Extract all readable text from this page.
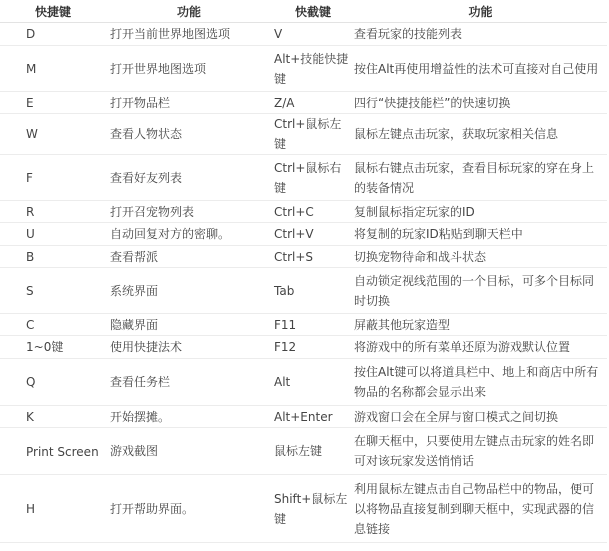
快捷键	功能	快截键	功能
D	打开当前世界地图选项	V	查看玩家的技能列表
M	打开世界地图选项	Alt+技能快捷键	按住Alt再使用增益性的法术可直接对自己使用
E	打开物品栏	Z/A	四行“快捷技能栏”的快速切换
W	查看人物状态	Ctrl+鼠标左键	鼠标左键点击玩家，获取玩家相关信息
F	查看好友列表	Ctrl+鼠标右键	鼠标右键点击玩家，查看目标玩家的穿在身上的装备情况
R	打开召宠物列表	Ctrl+C	复制鼠标指定玩家的ID
U	自动回复对方的密聊。	Ctrl+V	将复制的玩家ID粘贴到聊天栏中
B	查看帮派	Ctrl+S	切换宠物待命和战斗状态
S	系统界面	Tab	自动锁定视线范围的一个目标，可多个目标同时切换
C	隐藏界面	F11	屏蔽其他玩家造型
1~0键	使用快捷法术	F12	将游戏中的所有菜单还原为游戏默认位置
Q	查看任务栏	Alt	按住Alt键可以将道具栏中、地上和商店中所有物品的名称都会显示出来
K	开始摆摊。	Alt+Enter	游戏窗口会在全屏与窗口模式之间切换
Print Screen	游戏截图	鼠标左键	在聊天框中，只要使用左键点击玩家的姓名即可对该玩家发送悄悄话
H	打开帮助界面。	Shift+鼠标左键	利用鼠标左键点击自己物品栏中的物品，便可以将物品直接复制到聊天框中，实现武器的信息链接
